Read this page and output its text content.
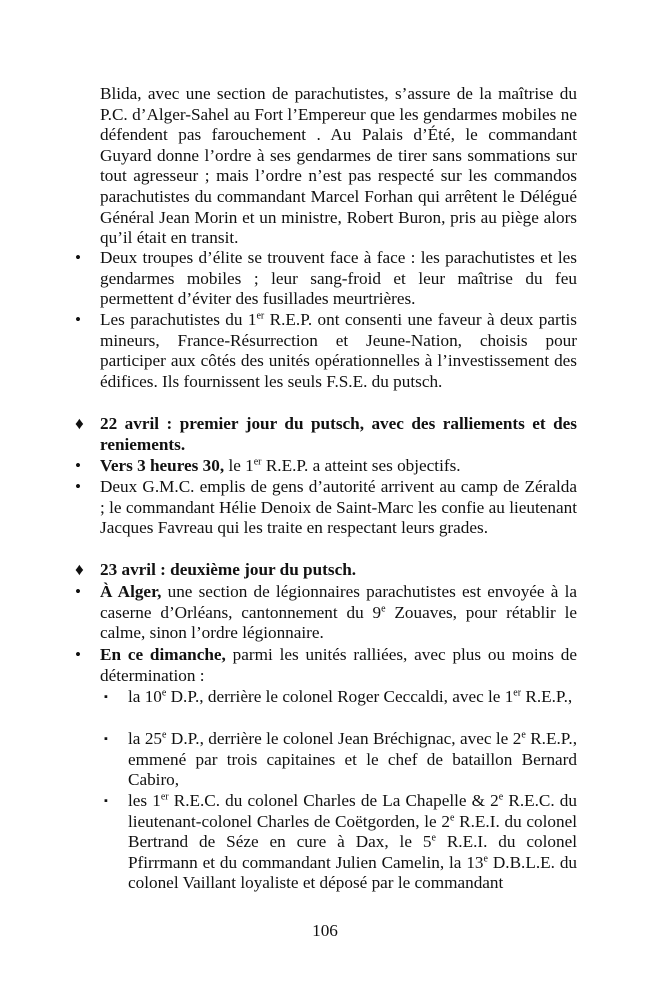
Blida, avec une section de parachutistes, s’assure de la maîtrise du P.C. d’Alger-Sahel au Fort l’Empereur que les gendarmes mobiles ne défendent pas farouchement . Au Palais d’Été, le commandant Guyard donne l’ordre à ses gendarmes de tirer sans sommations sur tout agresseur ; mais l’ordre n’est pas respecté sur les commandos parachutistes du commandant Marcel Forhan qui arrêtent le Délégué Général Jean Morin et un ministre, Robert Buron, pris au piège alors qu’il était en transit.
• Deux troupes d’élite se trouvent face à face : les parachutistes et les gendarmes mobiles ; leur sang-froid et leur maîtrise du feu permettent d’éviter des fusillades meurtrières.
• Les parachutistes du 1er R.E.P. ont consenti une faveur à deux partis mineurs, France-Résurrection et Jeune-Nation, choisis pour participer aux côtés des unités opérationnelles à l’investissement des édifices. Ils fournissent les seuls F.S.E. du putsch.
♦ 22 avril : premier jour du putsch, avec des ralliements et des reniements.
• Vers 3 heures 30, le 1er R.E.P. a atteint ses objectifs.
• Deux G.M.C. emplis de gens d’autorité arrivent au camp de Zéralda ; le commandant Hélie Denoix de Saint-Marc les confie au lieutenant Jacques Favreau qui les traite en respectant leurs grades.
♦ 23 avril : deuxième jour du putsch.
• À Alger, une section de légionnaires parachutistes est envoyée à la caserne d’Orléans, cantonnement du 9e Zouaves, pour rétablir le calme, sinon l’ordre légionnaire.
• En ce dimanche, parmi les unités ralliées, avec plus ou moins de détermination :
▪ la 10e D.P., derrière le colonel Roger Ceccaldi, avec le 1er R.E.P.,
▪ la 25e D.P., derrière le colonel Jean Bréchignac, avec le 2e R.E.P., emmené par trois capitaines et le chef de bataillon Bernard Cabiro,
▪ les 1er R.E.C. du colonel Charles de La Chapelle & 2e R.E.C. du lieutenant-colonel Charles de Coëtgorden, le 2e R.E.I. du colonel Bertrand de Séze en cure à Dax, le 5e R.E.I. du colonel Pfirrmann et du commandant Julien Camelin, la 13e D.B.L.E. du colonel Vaillant loyaliste et déposé par le commandant
106
